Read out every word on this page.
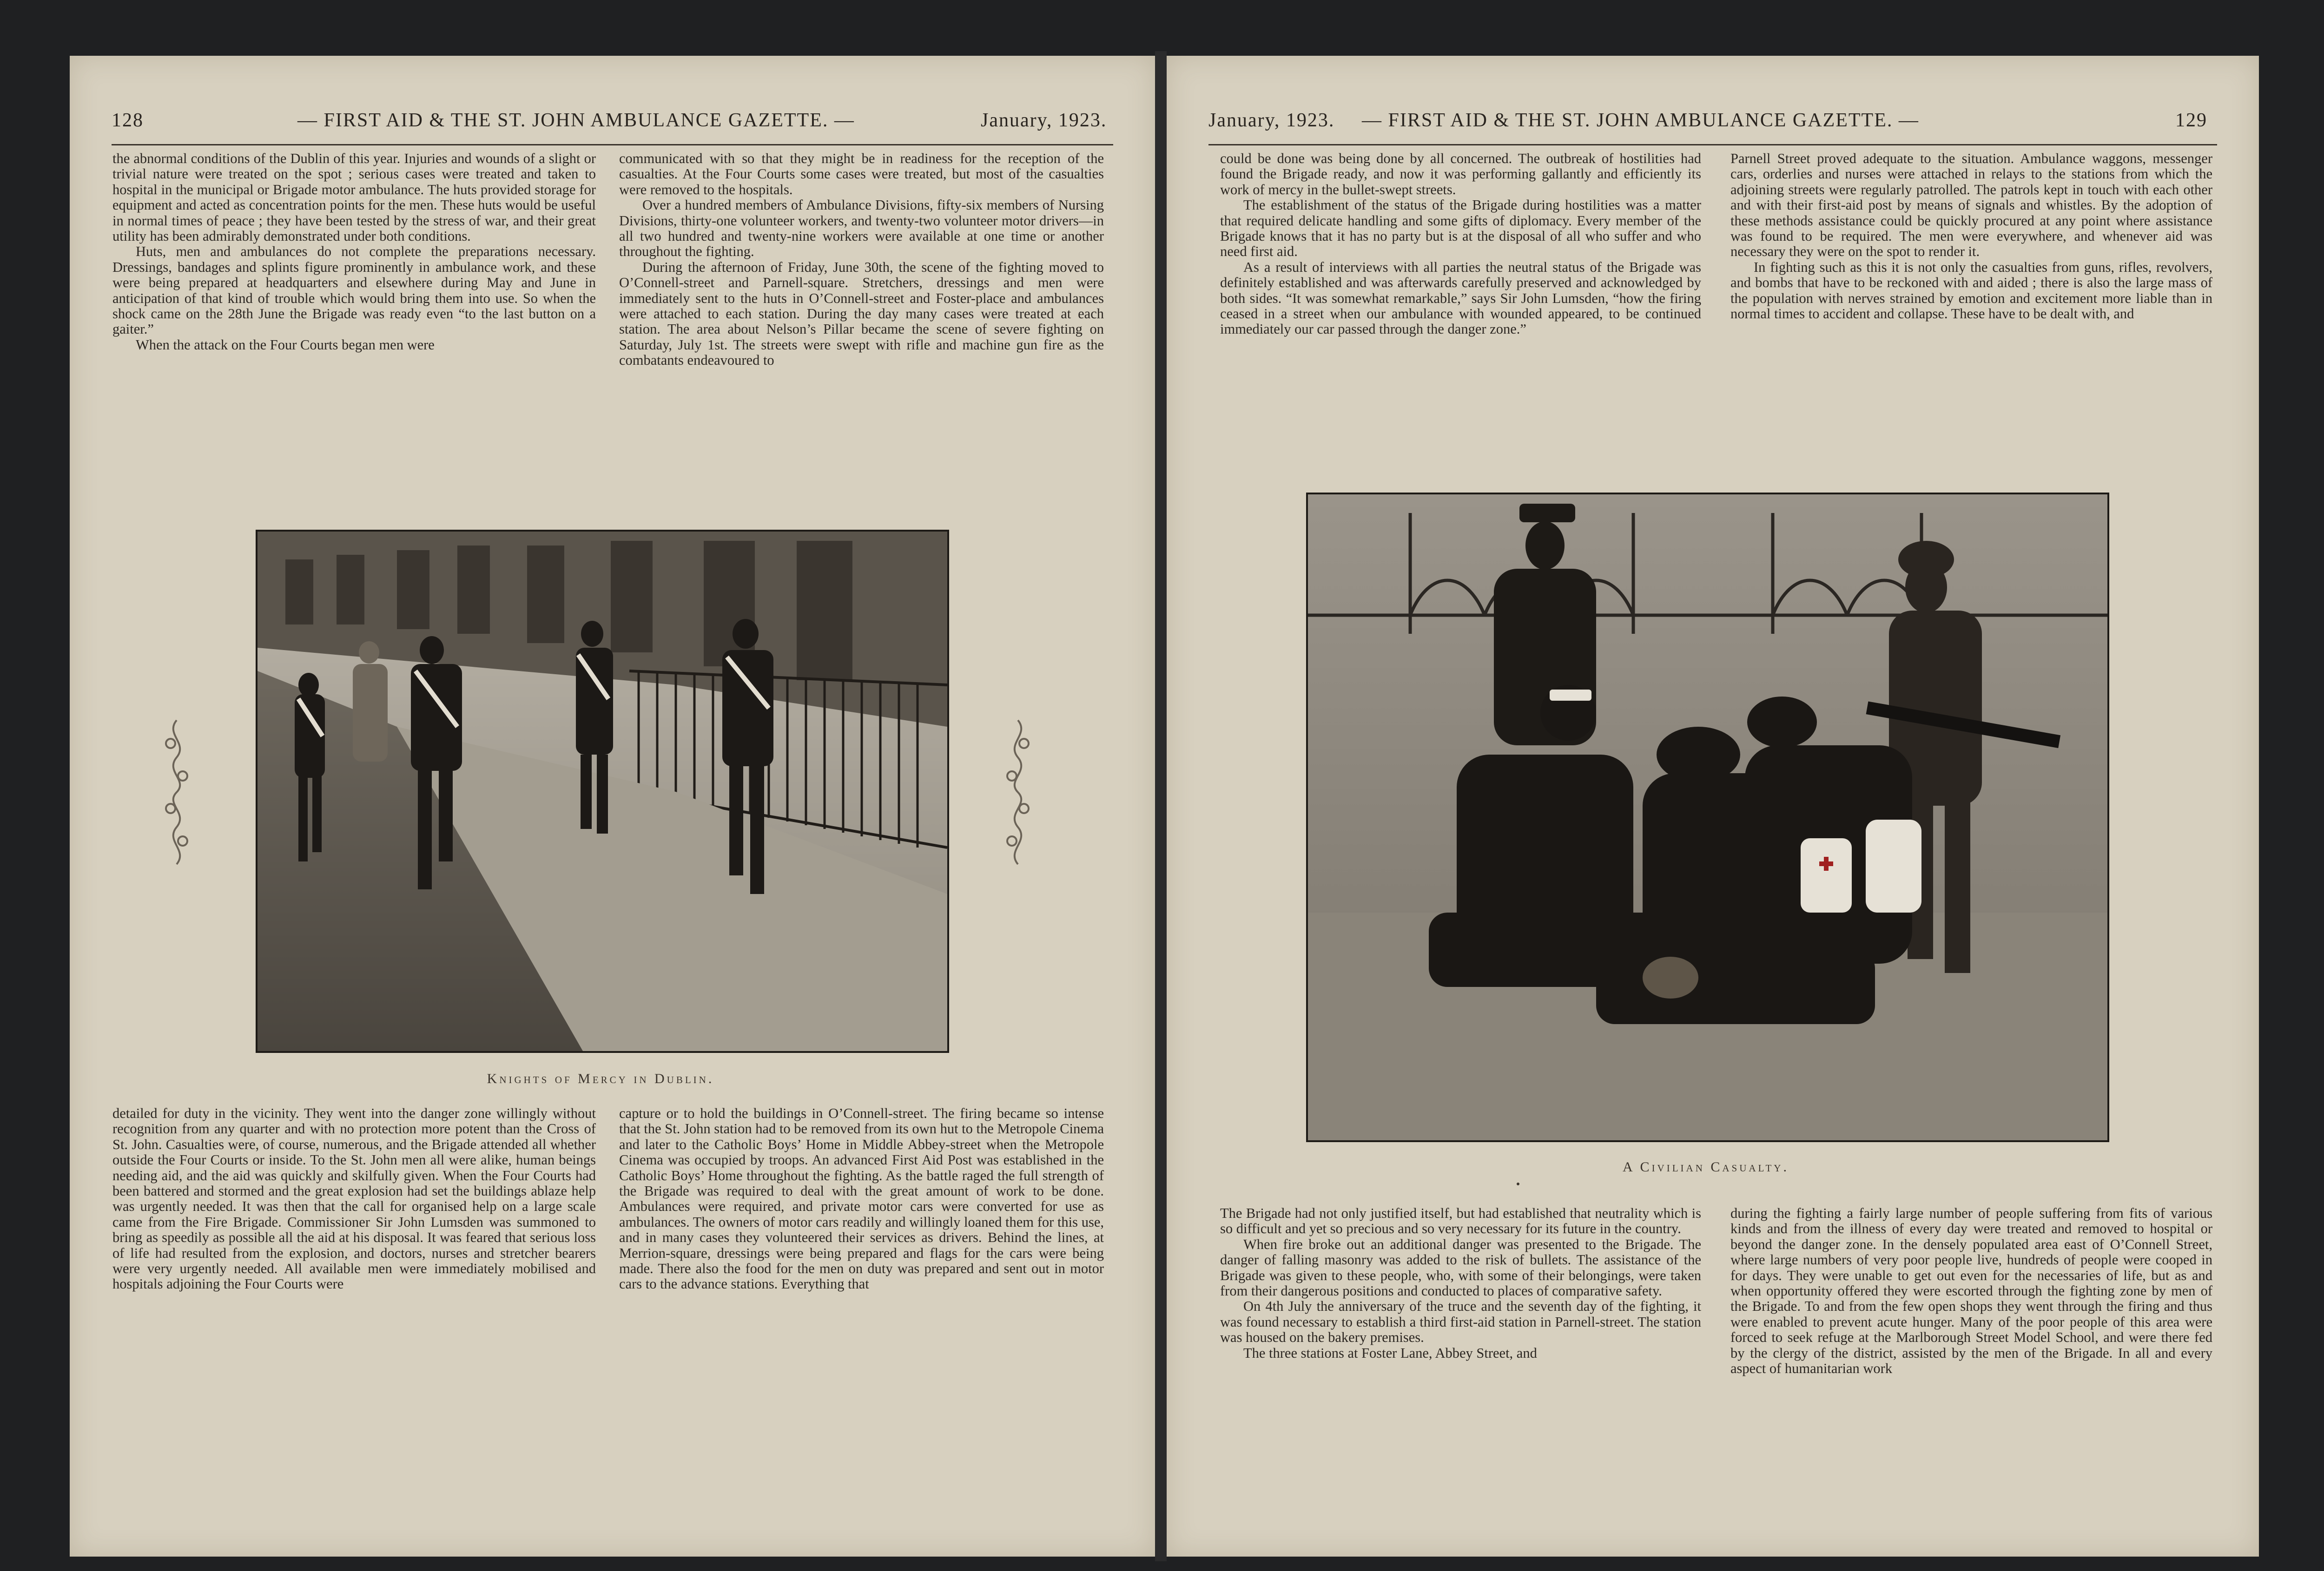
128	— FIRST AID & THE ST. JOHN AMBULANCE GAZETTE. —	January, 1923.

the abnormal conditions of the Dublin of this year. Injuries and wounds of a slight or trivial nature were treated on the spot ; serious cases were treated and taken to hospital in the municipal or Brigade motor ambulance. The huts provided storage for equipment and acted as concentration points for the men. These huts would be useful in normal times of peace ; they have been tested by the stress of war, and their great utility has been admirably demonstrated under both conditions.

Huts, men and ambulances do not complete the preparations necessary. Dressings, bandages and splints figure prominently in ambulance work, and these were being prepared at headquarters and elsewhere during May and June in anticipation of that kind of trouble which would bring them into use. So when the shock came on the 28th June the Brigade was ready even “to the last button on a gaiter.”

When the attack on the Four Courts began men were

communicated with so that they might be in readiness for the reception of the casualties. At the Four Courts some cases were treated, but most of the casualties were removed to the hospitals.

Over a hundred members of Ambulance Divisions, fifty-six members of Nursing Divisions, thirty-one volunteer workers, and twenty-two volunteer motor drivers—in all two hundred and twenty-nine workers were available at one time or another throughout the fighting.

During the afternoon of Friday, June 30th, the scene of the fighting moved to O’Connell-street and Parnell-square. Stretchers, dressings and men were immediately sent to the huts in O’Connell-street and Foster-place and ambulances were attached to each station. During the day many cases were treated at each station. The area about Nelson’s Pillar became the scene of severe fighting on Saturday, July 1st. The streets were swept with rifle and machine gun fire as the combatants endeavoured to

Knights of Mercy in Dublin.

detailed for duty in the vicinity. They went into the danger zone willingly without recognition from any quarter and with no protection more potent than the Cross of St. John. Casualties were, of course, numerous, and the Brigade attended all whether outside the Four Courts or inside. To the St. John men all were alike, human beings needing aid, and the aid was quickly and skilfully given. When the Four Courts had been battered and stormed and the great explosion had set the buildings ablaze help was urgently needed. It was then that the call for organised help on a large scale came from the Fire Brigade. Commissioner Sir John Lumsden was summoned to bring as speedily as possible all the aid at his disposal. It was feared that serious loss of life had resulted from the explosion, and doctors, nurses and stretcher bearers were very urgently needed. All available men were immediately mobilised and hospitals adjoining the Four Courts were

capture or to hold the buildings in O’Connell-street. The firing became so intense that the St. John station had to be removed from its own hut to the Metropole Cinema and later to the Catholic Boys’ Home in Middle Abbey-street when the Metropole Cinema was occupied by troops. An advanced First Aid Post was established in the Catholic Boys’ Home throughout the fighting. As the battle raged the full strength of the Brigade was required to deal with the great amount of work to be done. Ambulances were required, and private motor cars were converted for use as ambulances. The owners of motor cars readily and willingly loaned them for this use, and in many cases they volunteered their services as drivers. Behind the lines, at Merrion-square, dressings were being prepared and flags for the cars were being made. There also the food for the men on duty was prepared and sent out in motor cars to the advance stations. Everything that

January, 1923. — FIRST AID & THE ST. JOHN AMBULANCE GAZETTE. —	129

could be done was being done by all concerned. The outbreak of hostilities had found the Brigade ready, and now it was performing gallantly and efficiently its work of mercy in the bullet-swept streets.

The establishment of the status of the Brigade during hostilities was a matter that required delicate handling and some gifts of diplomacy. Every member of the Brigade knows that it has no party but is at the disposal of all who suffer and who need first aid.

As a result of interviews with all parties the neutral status of the Brigade was definitely established and was afterwards carefully preserved and acknowledged by both sides. “It was somewhat remarkable,” says Sir John Lumsden, “how the firing ceased in a street when our ambulance with wounded appeared, to be continued immediately our car passed through the danger zone.”

Parnell Street proved adequate to the situation. Ambulance waggons, messenger cars, orderlies and nurses were attached in relays to the stations from which the adjoining streets were regularly patrolled. The patrols kept in touch with each other and with their first-aid post by means of signals and whistles. By the adoption of these methods assistance could be quickly procured at any point where assistance was found to be required. The men were everywhere, and whenever aid was necessary they were on the spot to render it.

In fighting such as this it is not only the casualties from guns, rifles, revolvers, and bombs that have to be reckoned with and aided ; there is also the large mass of the population with nerves strained by emotion and excitement more liable than in normal times to accident and collapse. These have to be dealt with, and

A Civilian Casualty.

The Brigade had not only justified itself, but had established that neutrality which is so difficult and yet so precious and so very necessary for its future in the country.

When fire broke out an additional danger was presented to the Brigade. The danger of falling masonry was added to the risk of bullets. The assistance of the Brigade was given to these people, who, with some of their belongings, were taken from their dangerous positions and conducted to places of comparative safety.

On 4th July the anniversary of the truce and the seventh day of the fighting, it was found necessary to establish a third first-aid station in Parnell-street. The station was housed on the bakery premises.

The three stations at Foster Lane, Abbey Street, and

during the fighting a fairly large number of people suffering from fits of various kinds and from the illness of every day were treated and removed to hospital or beyond the danger zone. In the densely populated area east of O’Connell Street, where large numbers of very poor people live, hundreds of people were cooped in for days. They were unable to get out even for the necessaries of life, but as and when opportunity offered they were escorted through the fighting zone by men of the Brigade. To and from the few open shops they went through the firing and thus were enabled to prevent acute hunger. Many of the poor people of this area were forced to seek refuge at the Marlborough Street Model School, and were there fed by the clergy of the district, assisted by the men of the Brigade. In all and every aspect of humanitarian work
